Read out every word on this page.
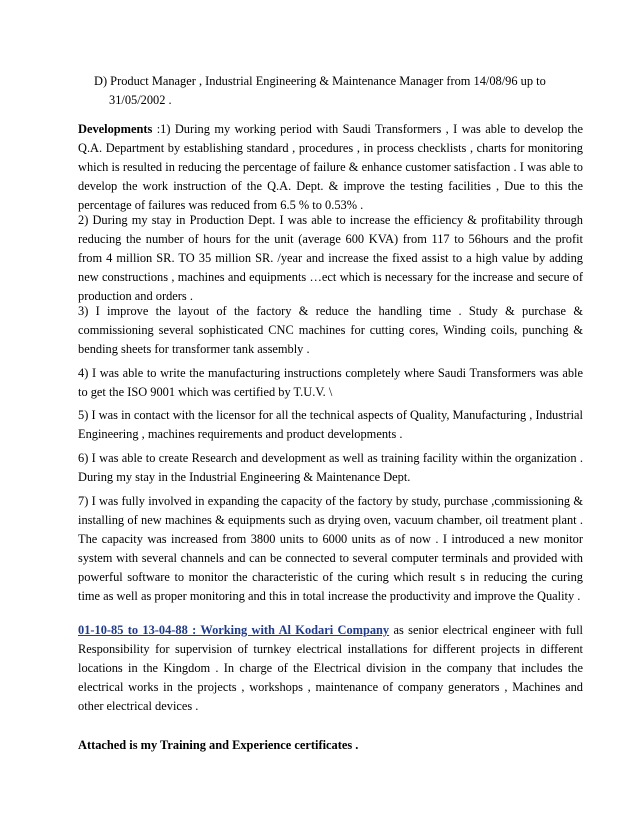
D) Product Manager , Industrial Engineering & Maintenance Manager from 14/08/96 up to
31/05/2002 .

Developments :1) During my working period with Saudi Transformers , I was able to develop the Q.A. Department by establishing standard , procedures , in process checklists , charts for monitoring which is resulted in reducing the percentage of failure & enhance customer satisfaction . I was able to develop the work instruction of the Q.A. Dept. & improve the testing facilities , Due to this the percentage of failures was reduced from 6.5 % to 0.53% .

2) During my stay in Production Dept. I was able to increase the efficiency & profitability through reducing the number of hours for the unit (average 600 KVA) from 117 to 56hours and the profit from 4 million SR. TO 35 million SR. /year and increase the fixed assist to a high value by adding new constructions , machines and equipments …ect which is necessary for the increase and secure of production and orders .

3) I improve the layout of the factory & reduce the handling time . Study & purchase & commissioning several sophisticated CNC machines for cutting cores, Winding coils, punching & bending sheets for transformer tank assembly .

4) I was able to write the manufacturing instructions completely where Saudi Transformers was able to get the ISO 9001 which was certified by T.U.V. \

5) I was in contact with the licensor for all the technical aspects of Quality, Manufacturing , Industrial Engineering , machines requirements and product developments .

6) I was able to create Research and development as well as training facility within the organization . During my stay in the Industrial Engineering & Maintenance Dept.

7) I was fully involved in expanding the capacity of the factory by study, purchase ,commissioning & installing of new machines & equipments such as drying oven, vacuum chamber, oil treatment plant . The capacity was increased from 3800 units to 6000 units as of now . I introduced a new monitor system with several channels and can be connected to several computer terminals and provided with powerful software to monitor the characteristic of the curing which result s in reducing the curing time as well as proper monitoring and this in total increase the productivity and improve the Quality .

01-10-85 to 13-04-88 : Working with Al Kodari Company as senior electrical engineer with full Responsibility for supervision of turnkey electrical installations for different projects in different locations in the Kingdom . In charge of the Electrical division in the company that includes the electrical works in the projects , workshops , maintenance of company generators , Machines and other electrical devices .

Attached is my Training and Experience certificates .
